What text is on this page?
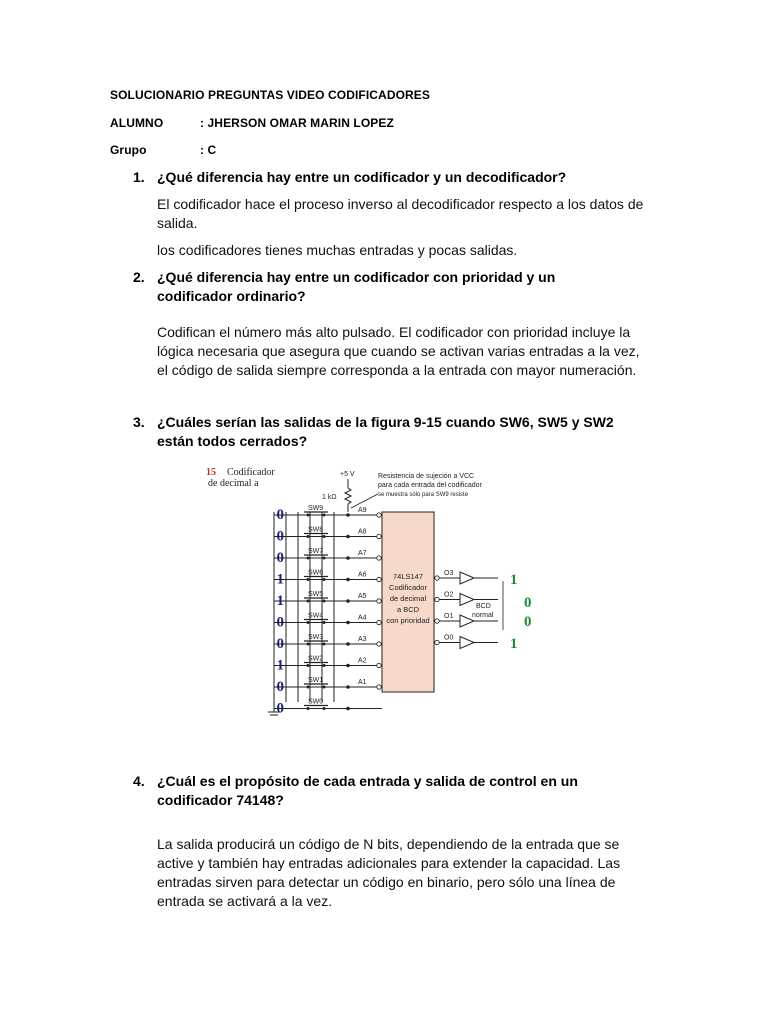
SOLUCIONARIO PREGUNTAS VIDEO CODIFICADORES
ALUMNO	: JHERSON OMAR MARIN LOPEZ
Grupo	: C
1. ¿Qué diferencia hay entre un codificador y un decodificador?
El codificador hace el proceso inverso al decodificador respecto a los datos de salida.
los codificadores tienes muchas entradas y pocas salidas.
2. ¿Qué diferencia hay entre un codificador con prioridad y un codificador ordinario?
Codifican el número más alto pulsado. El codificador con prioridad incluye la lógica necesaria que asegura que cuando se activan varias entradas a la vez, el código de salida siempre corresponda a la entrada con mayor numeración.
3. ¿Cuáles serían las salidas de la figura 9-15 cuando SW6, SW5 y SW2 están todos cerrados?
15 Codificador
de decimal a
+5 V
1 kΩ
Resistencia de sujeción a VCC
para cada entrada del codificador
se muestra sólo para SW9 resiste
74LS147
Codificador
de decimal
a BCD
con prioridad
BCD
normal
0	SW9	A9
0	SW8	A8
0	SW7	A7
1	SW6	A6
1	SW5	A5
0	SW4	A4
0	SW3	A3
1	SW2	A2
0	SW1	A1
0	SW0
O3
O2
O1
O0
1
0
0
1
4. ¿Cuál es el propósito de cada entrada y salida de control en un codificador 74148?
La salida producirá un código de N bits, dependiendo de la entrada que se active y también hay entradas adicionales para extender la capacidad. Las entradas sirven para detectar un código en binario, pero sólo una línea de entrada se activará a la vez.
